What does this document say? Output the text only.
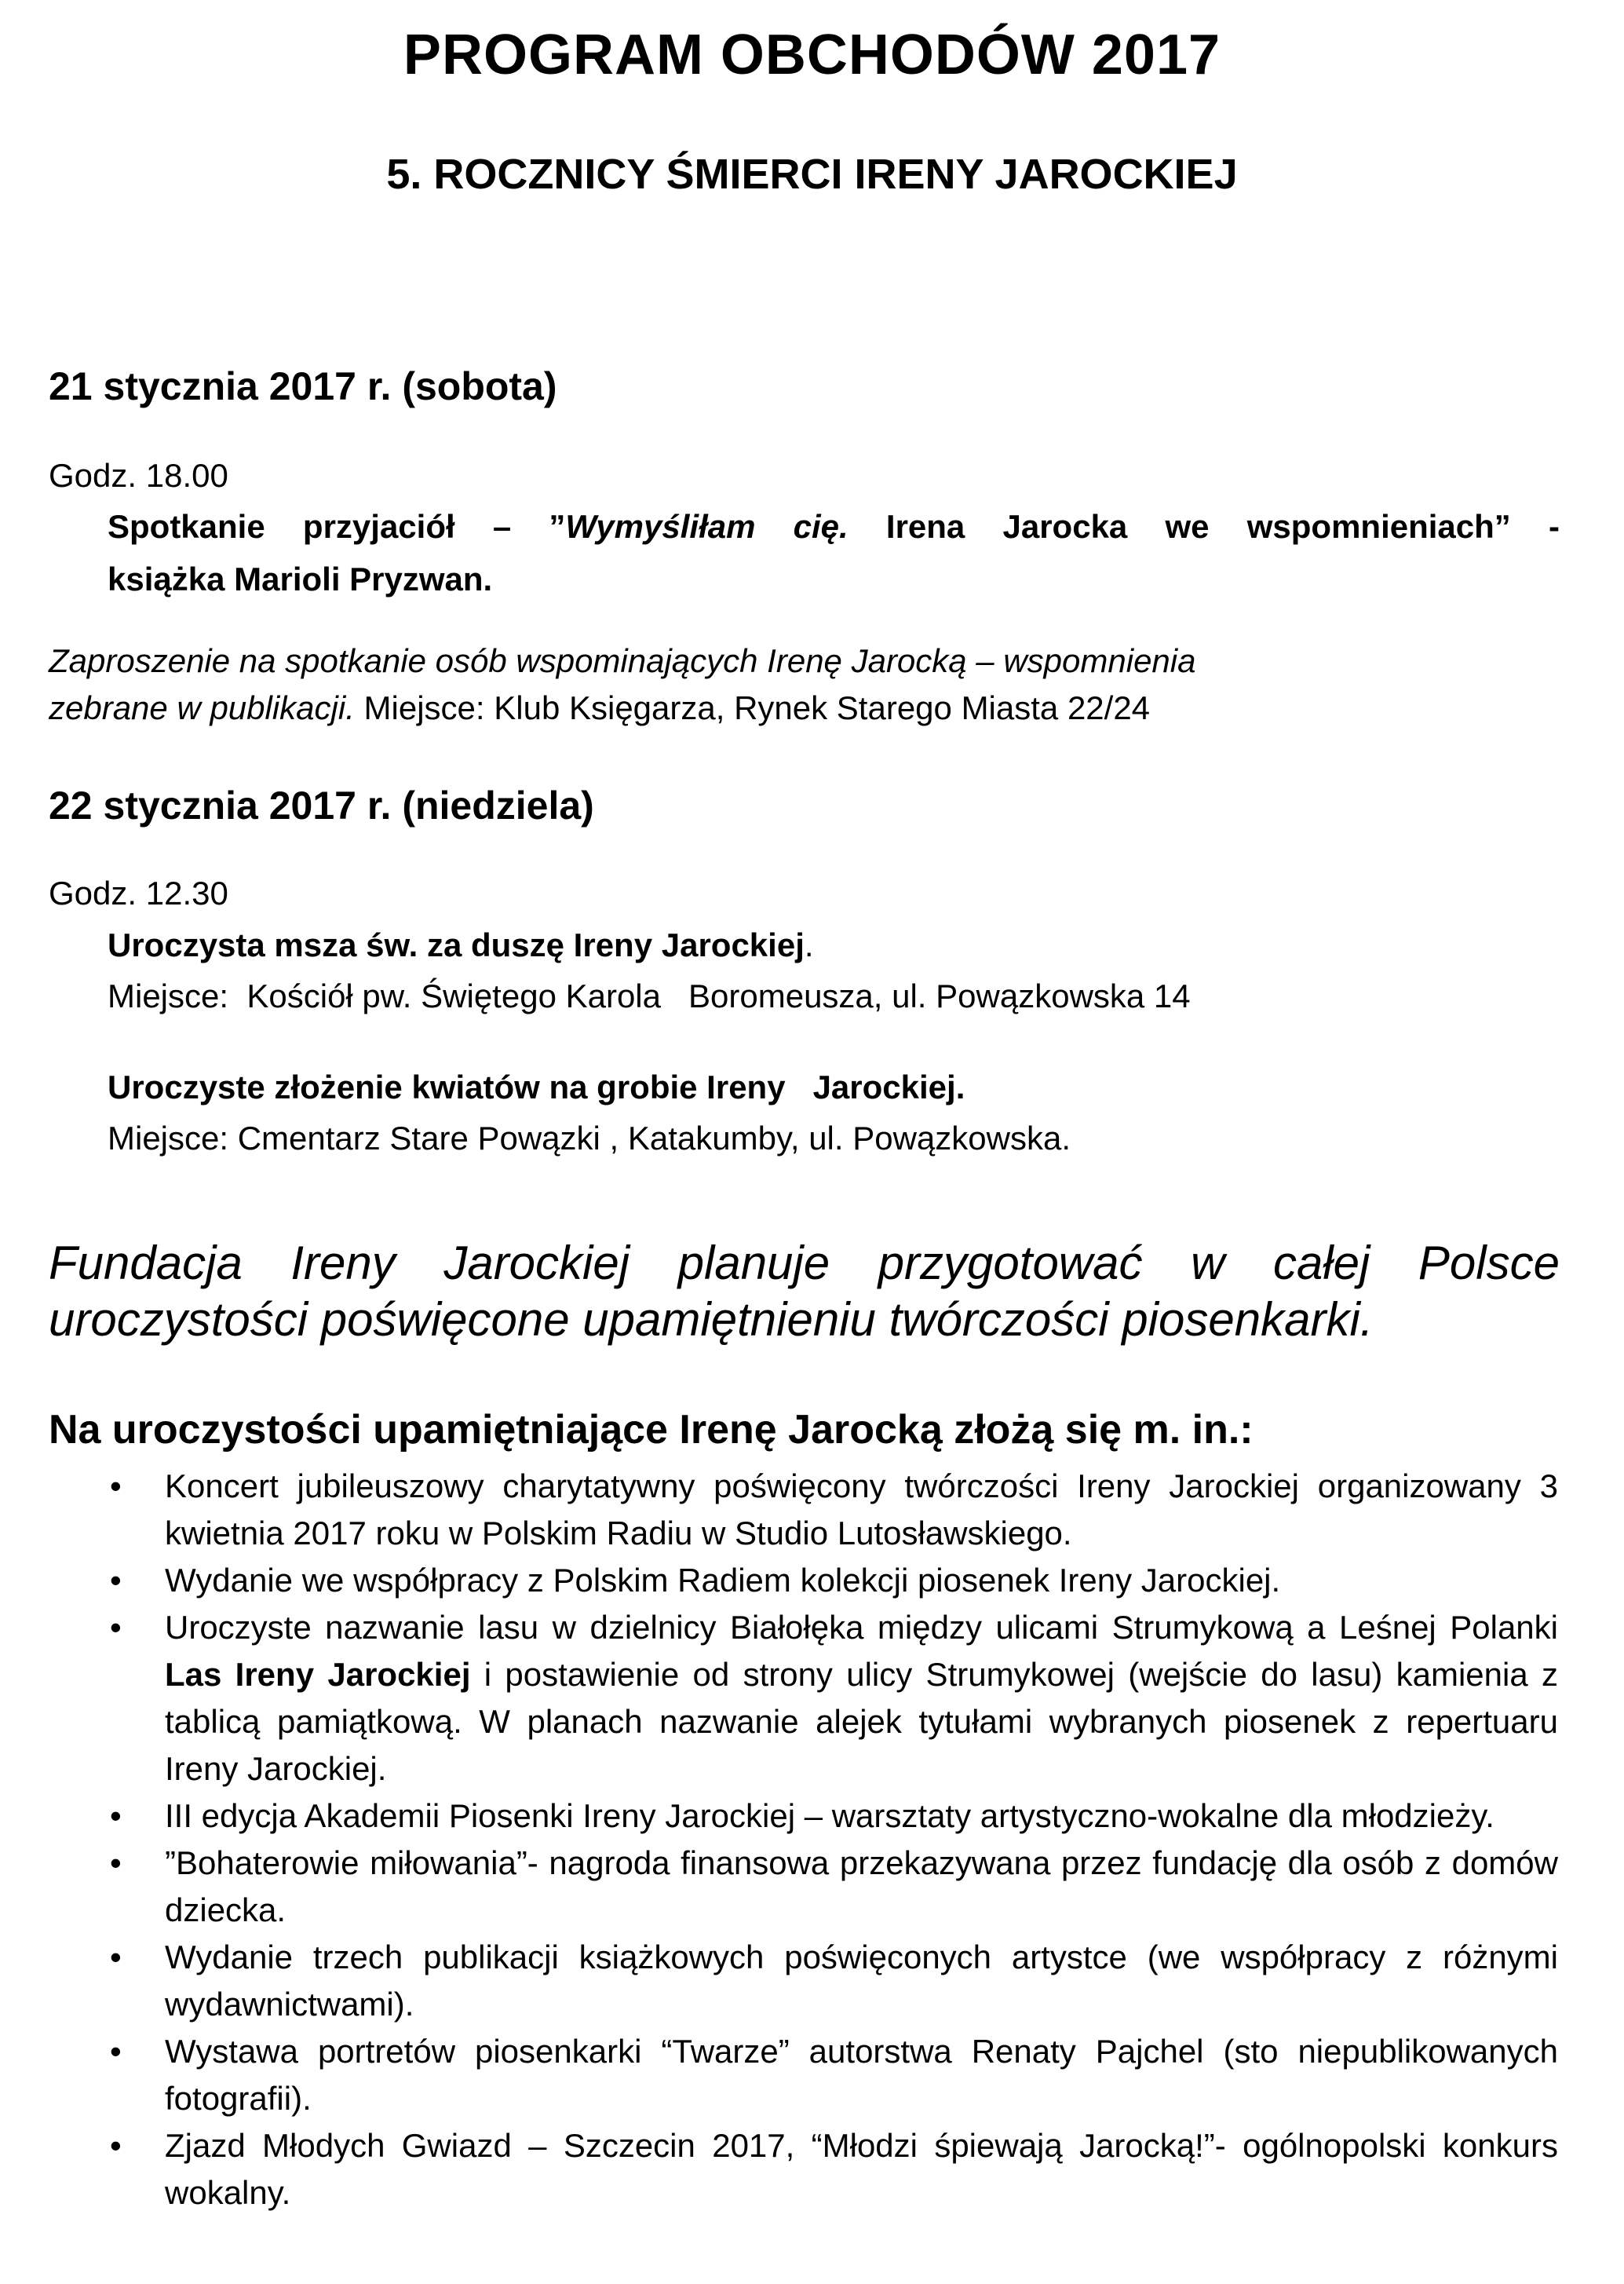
PROGRAM OBCHODÓW 2017
5. ROCZNICY ŚMIERCI IRENY JAROCKIEJ
21 stycznia 2017 r. (sobota)
Godz. 18.00
Spotkanie przyjaciół – ”Wymyśliłam cię. Irena Jarocka we wspomnieniach” -
książka Marioli Pryzwan.
Zaproszenie na spotkanie osób wspominających Irenę Jarocką – wspomnienia
zebrane w publikacji. Miejsce: Klub Księgarza, Rynek Starego Miasta 22/24
22 stycznia 2017 r. (niedziela)
Godz. 12.30
Uroczysta msza św. za duszę Ireny Jarockiej.
Miejsce:  Kościół pw. Świętego Karola   Boromeusza, ul. Powązkowska 14
Uroczyste złożenie kwiatów na grobie Ireny   Jarockiej.
Miejsce: Cmentarz Stare Powązki , Katakumby, ul. Powązkowska.
Fundacja Ireny Jarockiej planuje przygotować w całej Polsce uroczystości poświęcone upamiętnieniu twórczości piosenkarki.
Na uroczystości upamiętniające Irenę Jarocką złożą się m. in.:
• Koncert jubileuszowy charytatywny poświęcony twórczości Ireny Jarockiej organizowany 3 kwietnia 2017 roku w Polskim Radiu w Studio Lutosławskiego.
• Wydanie we współpracy z Polskim Radiem kolekcji piosenek Ireny Jarockiej.
• Uroczyste nazwanie lasu w dzielnicy Białołęka między ulicami Strumykową a Leśnej Polanki Las Ireny Jarockiej i postawienie od strony ulicy Strumykowej (wejście do lasu) kamienia z tablicą pamiątkową. W planach nazwanie alejek tytułami wybranych piosenek z repertuaru Ireny Jarockiej.
• III edycja Akademii Piosenki Ireny Jarockiej – warsztaty artystyczno-wokalne dla młodzieży.
• ”Bohaterowie miłowania”- nagroda finansowa przekazywana przez fundację dla osób z domów dziecka.
• Wydanie trzech publikacji książkowych poświęconych artystce (we współpracy z różnymi wydawnictwami).
• Wystawa portretów piosenkarki “Twarze” autorstwa Renaty Pajchel (sto niepublikowanych fotografii).
• Zjazd Młodych Gwiazd – Szczecin 2017, “Młodzi śpiewają Jarocką!”- ogólnopolski konkurs wokalny.
